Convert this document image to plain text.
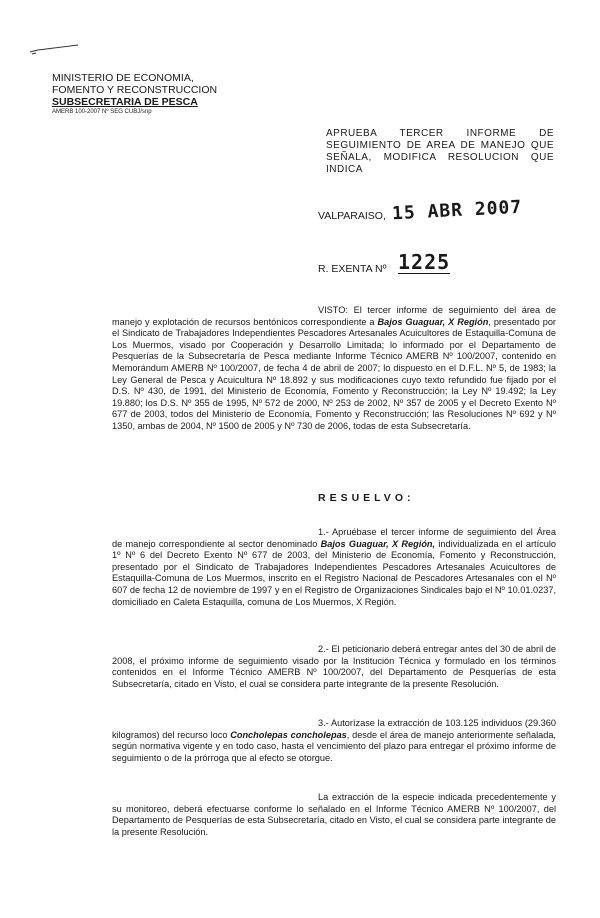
MINISTERIO DE ECONOMIA,
FOMENTO Y RECONSTRUCCION
SUBSECRETARIA DE PESCA
AMERB 100-2007 Nº SEG CUBJ/snp
APRUEBA TERCER INFORME DE SEGUIMIENTO DE AREA DE MANEJO QUE SEÑALA, MODIFICA RESOLUCION QUE INDICA
VALPARAISO, 15 ABR 2007
R. EXENTA Nº 1225
VISTO: El tercer informe de seguimiento del área de manejo y explotación de recursos bentónicos correspondiente a Bajos Guaguar, X Región, presentado por el Sindicato de Trabajadores Independientes Pescadores Artesanales Acuicultores de Estaquilla-Comuna de Los Muermos, visado por Cooperación y Desarrollo Limitada; lo informado por el Departamento de Pesquerías de la Subsecretaría de Pesca mediante Informe Técnico AMERB Nº 100/2007, contenido en Memorándum AMERB Nº 100/2007, de fecha 4 de abril de 2007; lo dispuesto en el D.F.L. Nº 5, de 1983; la Ley General de Pesca y Acuicultura Nº 18.892 y sus modificaciones cuyo texto refundido fue fijado por el D.S. Nº 430, de 1991, del Ministerio de Economía, Fomento y Reconstrucción; la Ley Nº 19.492; la Ley 19.880; los D.S. Nº 355 de 1995, Nº 572 de 2000, Nº 253 de 2002, Nº 357 de 2005 y el Decreto Exento Nº 677 de 2003, todos del Ministerio de Economía, Fomento y Reconstrucción; las Resoluciones Nº 692 y Nº 1350, ambas de 2004, Nº 1500 de 2005 y Nº 730 de 2006, todas de esta Subsecretaría.
RESUELVO:
1.- Apruébase el tercer informe de seguimiento del Área de manejo correspondiente al sector denominado Bajos Guaguar, X Región, individualizada en el artículo 1º Nº 6 del Decreto Exento Nº 677 de 2003, del Ministerio de Economía, Fomento y Reconstrucción, presentado por el Sindicato de Trabajadores Independientes Pescadores Artesanales Acuicultores de Estaquilla-Comuna de Los Muermos, inscrito en el Registro Nacional de Pescadores Artesanales con el Nº 607 de fecha 12 de noviembre de 1997 y en el Registro de Organizaciones Sindicales bajo el Nº 10.01.0237, domiciliado en Caleta Estaquilla, comuna de Los Muermos, X Región.
2.- El peticionario deberá entregar antes del 30 de abril de 2008, el próximo informe de seguimiento visado por la Institución Técnica y formulado en los términos contenidos en el Informe Técnico AMERB Nº 100/2007, del Departamento de Pesquerías de esta Subsecretaría, citado en Visto, el cual se considera parte integrante de la presente Resolución.
3.- Autorízase la extracción de 103.125 individuos (29.360 kilogramos) del recurso loco Concholepas concholepas, desde el área de manejo anteriormente señalada, según normativa vigente y en todo caso, hasta el vencimiento del plazo para entregar el próximo informe de seguimiento o de la prórroga que al efecto se otorgue.
La extracción de la especie indicada precedentemente y su monitoreo, deberá efectuarse conforme lo señalado en el Informe Técnico AMERB Nº 100/2007, del Departamento de Pesquerías de esta Subsecretaría, citado en Visto, el cual se considera parte integrante de la presente Resolución.
